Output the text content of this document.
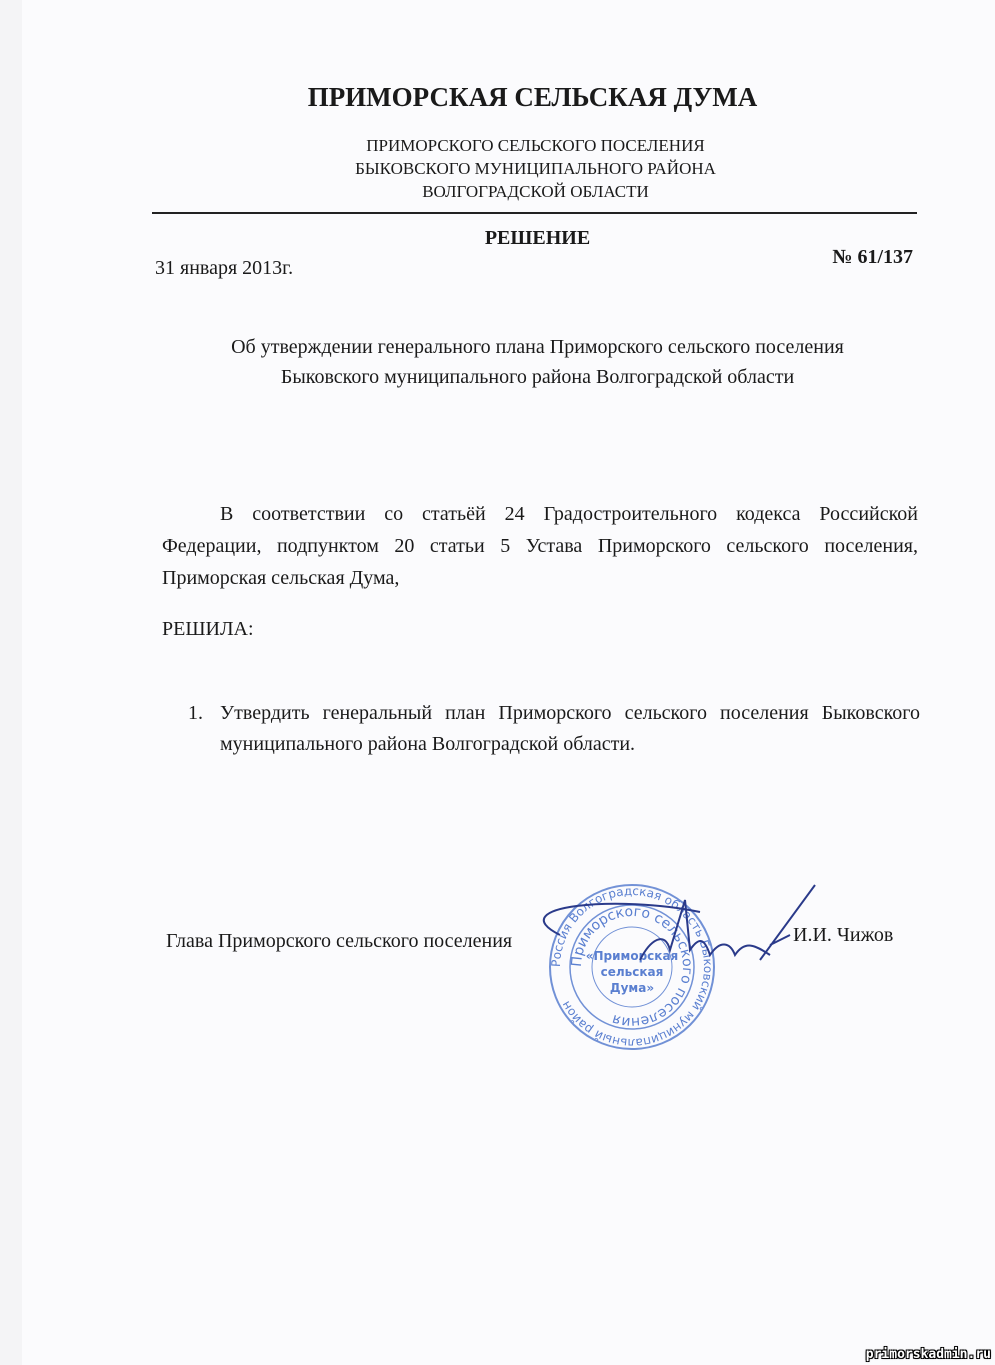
ПРИМОРСКАЯ СЕЛЬСКАЯ ДУМА
ПРИМОРСКОГО СЕЛЬСКОГО ПОСЕЛЕНИЯ
БЫКОВСКОГО МУНИЦИПАЛЬНОГО РАЙОНА
ВОЛГОГРАДСКОЙ ОБЛАСТИ
РЕШЕНИЕ
31 января 2013г.	№ 61/137
Об утверждении генерального плана Приморского сельского поселения
Быковского муниципального района Волгоградской области
В соответствии со статьёй 24 Градостроительного кодекса Российской Федерации, подпунктом 20 статьи 5 Устава Приморского сельского поселения, Приморская сельская Дума,
РЕШИЛА:
1. Утвердить генеральный план Приморского сельского поселения Быковского муниципального района Волгоградской области.
Глава Приморского сельского поселения	И.И. Чижов
Россия Волгоградская область Быковский муниципальный район
Приморского сельского поселения
«Приморская
сельская
Дума»
primorskadmin.ru
